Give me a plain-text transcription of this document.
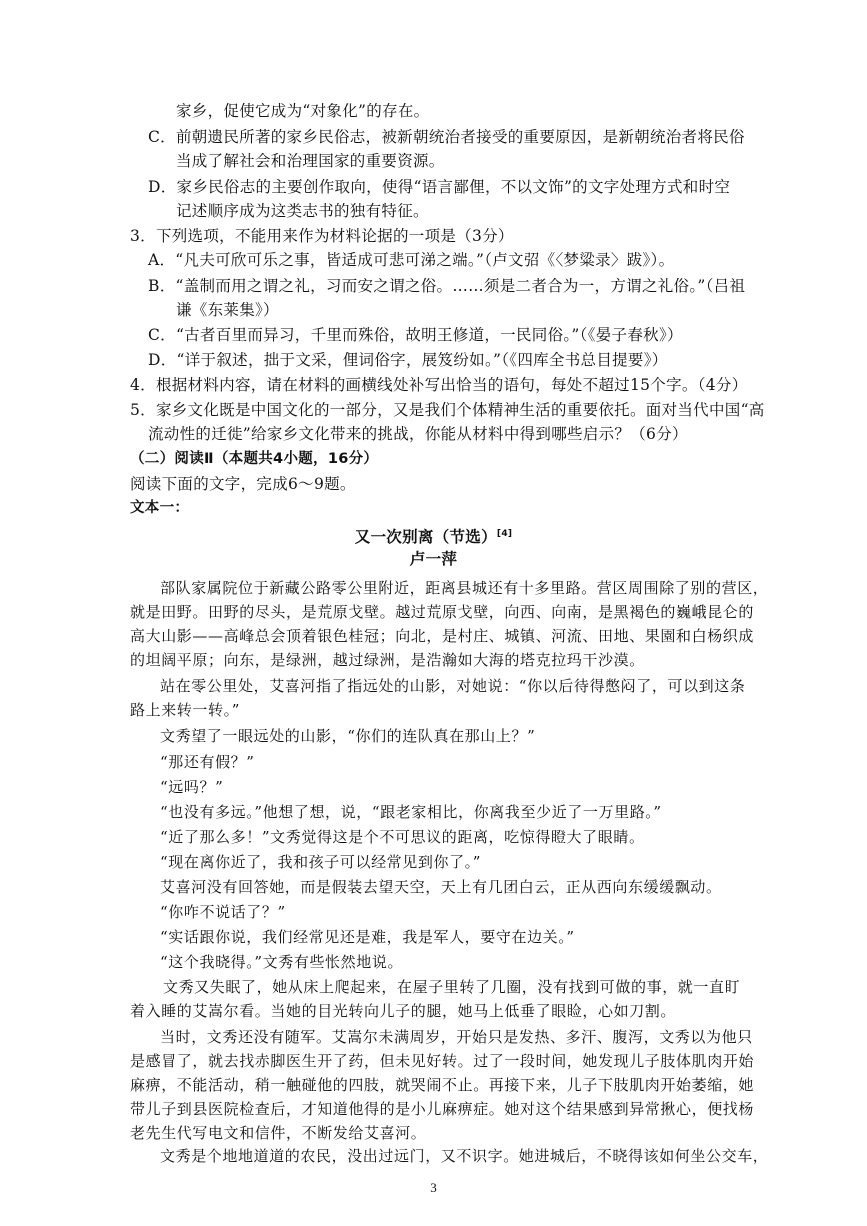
又一次别离（节选）[4]
卢一萍
文秀是个地地道道的农民，没出过远门，又不识字。她进城后，不晓得该如何坐公交车，
3
家乡，促使它成为“对象化”的存在。
C．前朝遗民所著的家乡民俗志，被新朝统治者接受的重要原因，是新朝统治者将民俗
当成了解社会和治理国家的重要资源。
D．家乡民俗志的主要创作取向，使得“语言鄙俚，不以文饰”的文字处理方式和时空
记述顺序成为这类志书的独有特征。
3．下列选项，不能用来作为材料论据的一项是（3分）
A．“凡夫可欣可乐之事，皆适成可悲可涕之端。”（卢文弨《〈梦粱录〉跋》）。
B．“盖制而用之谓之礼，习而安之谓之俗。……须是二者合为一，方谓之礼俗。”（吕祖
谦《东莱集》）
C．“古者百里而异习，千里而殊俗，故明王修道，一民同俗。”（《晏子春秋》）
D．“详于叙述，拙于文采，俚词俗字，展笈纷如。”（《四库全书总目提要》）
4．根据材料内容，请在材料的画横线处补写出恰当的语句，每处不超过15个字。（4分）
5．家乡文化既是中国文化的一部分，又是我们个体精神生活的重要依托。面对当代中国“高
流动性的迁徙”给家乡文化带来的挑战，你能从材料中得到哪些启示？（6分）
（二）阅读Ⅱ（本题共4小题，16分）
阅读下面的文字，完成6～9题。
文本一：
部队家属院位于新藏公路零公里附近，距离县城还有十多里路。营区周围除了别的营区，
就是田野。田野的尽头，是荒原戈壁。越过荒原戈壁，向西、向南，是黑褐色的巍峨昆仑的
高大山影——高峰总会顶着银色桂冠；向北，是村庄、城镇、河流、田地、果園和白杨织成
的坦阔平原；向东，是绿洲，越过绿洲，是浩瀚如大海的塔克拉玛干沙漠。
站在零公里处，艾喜河指了指远处的山影，对她说：“你以后待得憋闷了，可以到这条
路上来转一转。”
文秀望了一眼远处的山影，“你们的连队真在那山上？”
“那还有假？”
“远吗？”
“也没有多远。”他想了想，说，“跟老家相比，你离我至少近了一万里路。”
“近了那么多！”文秀觉得这是个不可思议的距离，吃惊得瞪大了眼睛。
“现在离你近了，我和孩子可以经常见到你了。”
艾喜河没有回答她，而是假装去望天空，天上有几团白云，正从西向东缓缓飘动。
“你咋不说话了？”
“实话跟你说，我们经常见还是难，我是军人，要守在边关。”
“这个我晓得。”文秀有些怅然地说。
文秀又失眠了，她从床上爬起来，在屋子里转了几圈，没有找到可做的事，就一直盯
着入睡的艾嵩尔看。当她的目光转向儿子的腿，她马上低垂了眼睑，心如刀割。
当时，文秀还没有随军。艾嵩尔未满周岁，开始只是发热、多汗、腹泻，文秀以为他只
是感冒了，就去找赤脚医生开了药，但未见好转。过了一段时间，她发现儿子肢体肌肉开始
麻痹，不能活动，稍一触碰他的四肢，就哭闹不止。再接下来，儿子下肢肌肉开始萎缩，她
带儿子到县医院检查后，才知道他得的是小儿麻痹症。她对这个结果感到异常揪心，便找杨
老先生代写电文和信件，不断发给艾喜河。
